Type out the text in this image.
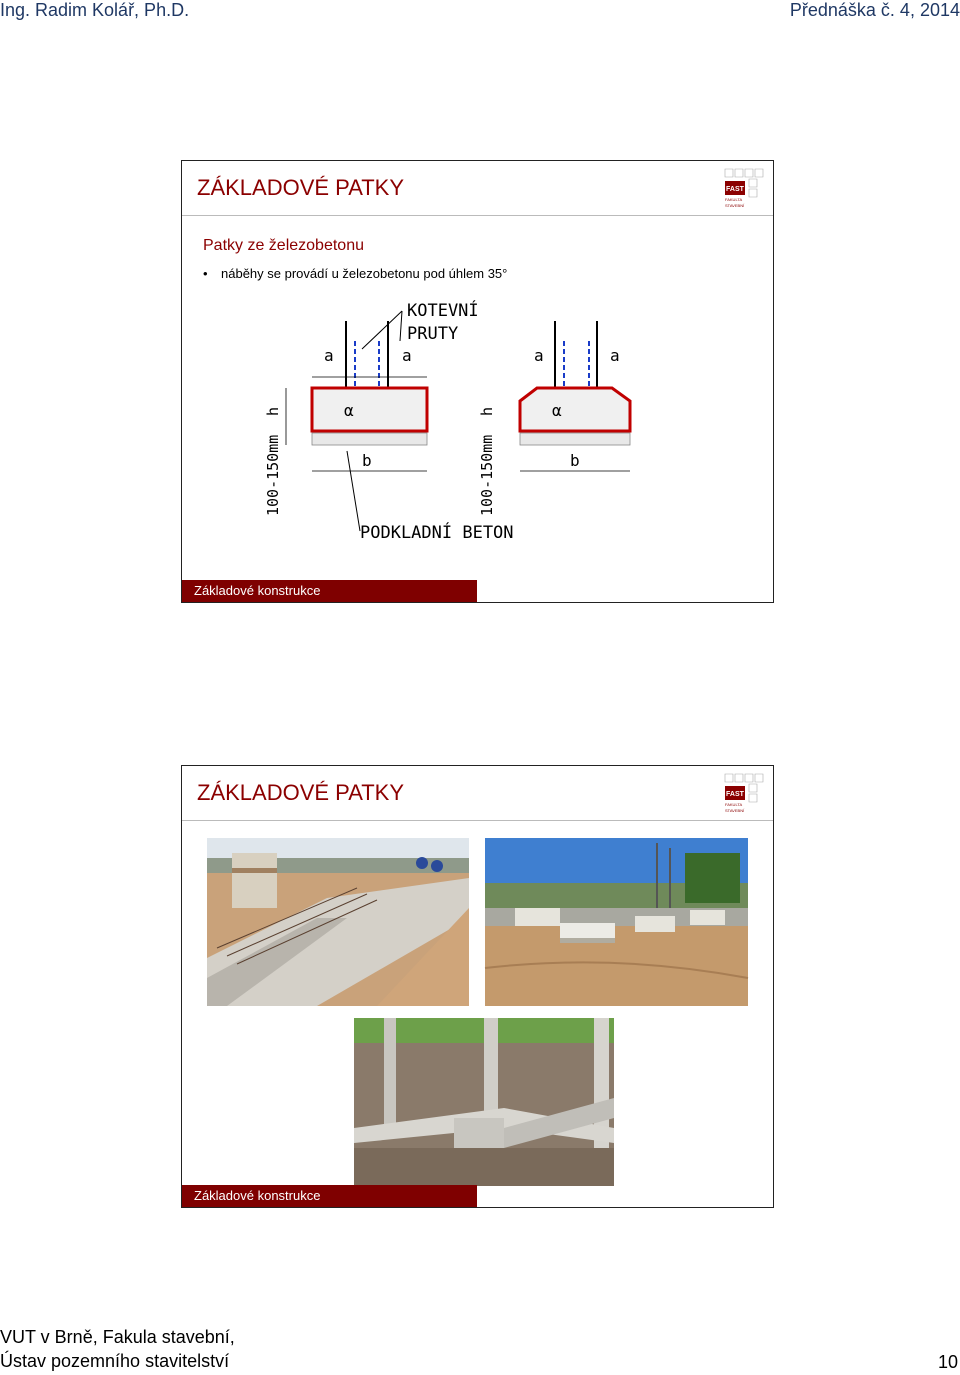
Ing. Radim Kolář, Ph.D.	Přednáška č. 4, 2014
ZÁKLADOVÉ PATKY	FAST
FAKULTA
STAVEBNÍ
Patky ze železobetonu
• náběhy se provádí u železobetonu pod úhlem 35°
KOTEVNÍ
PRUTY
a	a
α
b
h
100-150mm
a	a
α
b
h
100-150mm
PODKLADNÍ BETON
Základové konstrukce
ZÁKLADOVÉ PATKY	FAST
FAKULTA
STAVEBNÍ
Základové konstrukce
VUT v Brně, Fakula stavební,
Ústav pozemního stavitelství	10
